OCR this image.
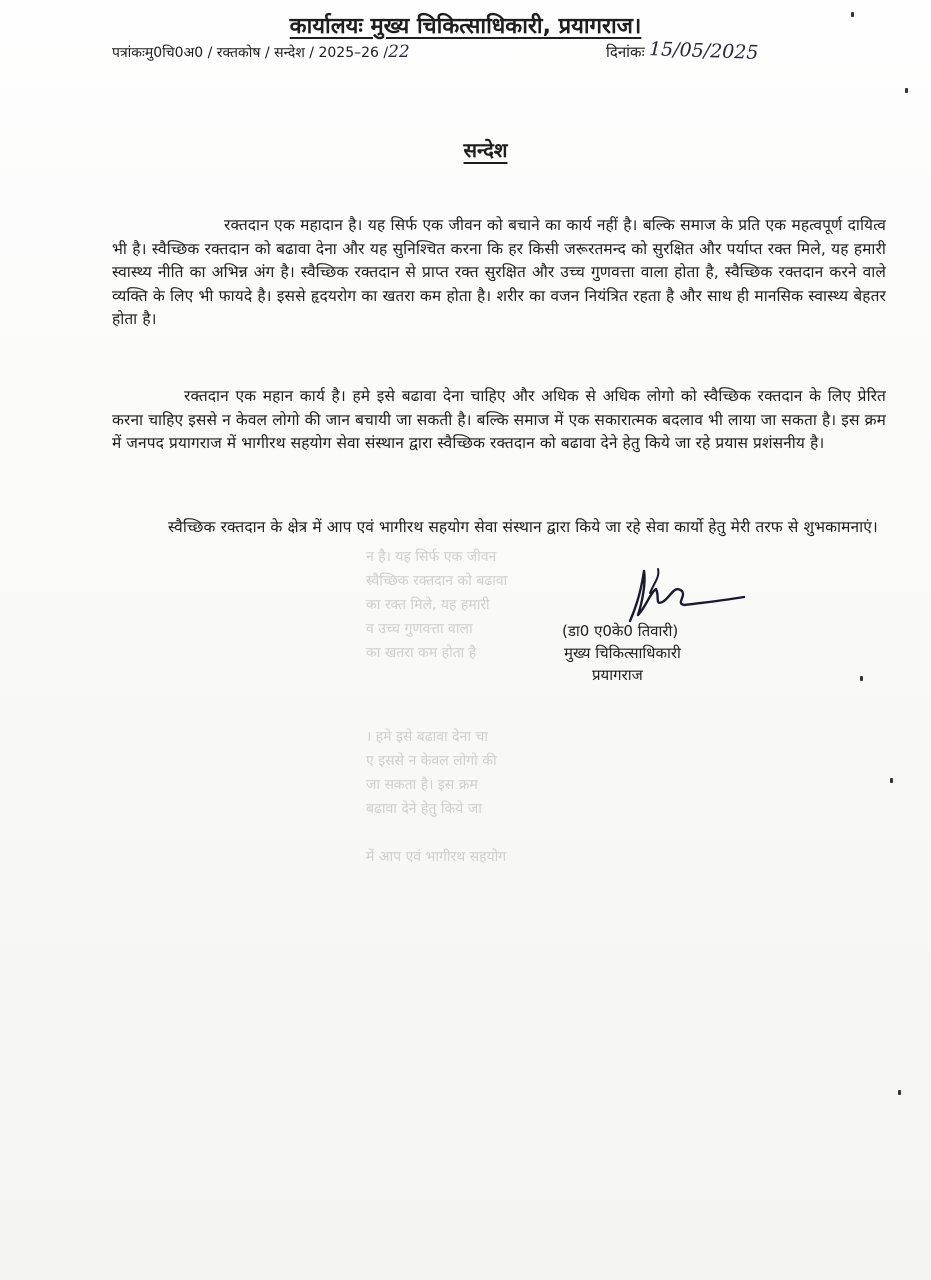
कार्यालयः मुख्य चिकित्साधिकारी, प्रयागराज।
पत्रांकःमु0चि0अ0 / रक्तकोष / सन्देश / 2025–26 /22	दिनांकः 15/05/2025
सन्देश
रक्तदान एक महादान है। यह सिर्फ एक जीवन को बचाने का कार्य नहीं है। बल्कि समाज के प्रति एक महत्वपूर्ण दायित्व भी है। स्वैच्छिक रक्तदान को बढावा देना और यह सुनिश्चित करना कि हर किसी जरूरतमन्द को सुरक्षित और पर्याप्त रक्त मिले, यह हमारी स्वास्थ्य नीति का अभिन्न अंग है। स्वैच्छिक रक्तदान से प्राप्त रक्त सुरक्षित और उच्च गुणवत्ता वाला होता है, स्वैच्छिक रक्तदान करने वाले व्यक्ति के लिए भी फायदे है। इससे हृदयरोग का खतरा कम होता है। शरीर का वजन नियंत्रित रहता है और साथ ही मानसिक स्वास्थ्य बेहतर होता है।
रक्तदान एक महान कार्य है। हमे इसे बढावा देना चाहिए और अधिक से अधिक लोगो को स्वैच्छिक रक्तदान के लिए प्रेरित करना चाहिए इससे न केवल लोगो की जान बचायी जा सकती है। बल्कि समाज में एक सकारात्मक बदलाव भी लाया जा सकता है। इस क्रम में जनपद प्रयागराज में भागीरथ सहयोग सेवा संस्थान द्वारा स्वैच्छिक रक्तदान को बढावा देने हेतु किये जा रहे प्रयास प्रशंसनीय है।
स्वैच्छिक रक्तदान के क्षेत्र में आप एवं भागीरथ सहयोग सेवा संस्थान द्वारा किये जा रहे सेवा कार्यो हेतु मेरी तरफ से शुभकामनाएं।
न है। यह सिर्फ एक जीवन
स्वैच्छिक रक्तदान को बढावा
का रक्त मिले, यह हमारी
व उच्च गुणवत्ता वाला
का खतरा कम होता है
। हमे इसे बढावा देना चा
ए इससे न केवल लोगो की
जा सकता है। इस क्रम
बढावा देने हेतु किये जा
में आप एवं भागीरथ सहयोग
(डा0 ए0के0 तिवारी)
मुख्य चिकित्साधिकारी
प्रयागराज
